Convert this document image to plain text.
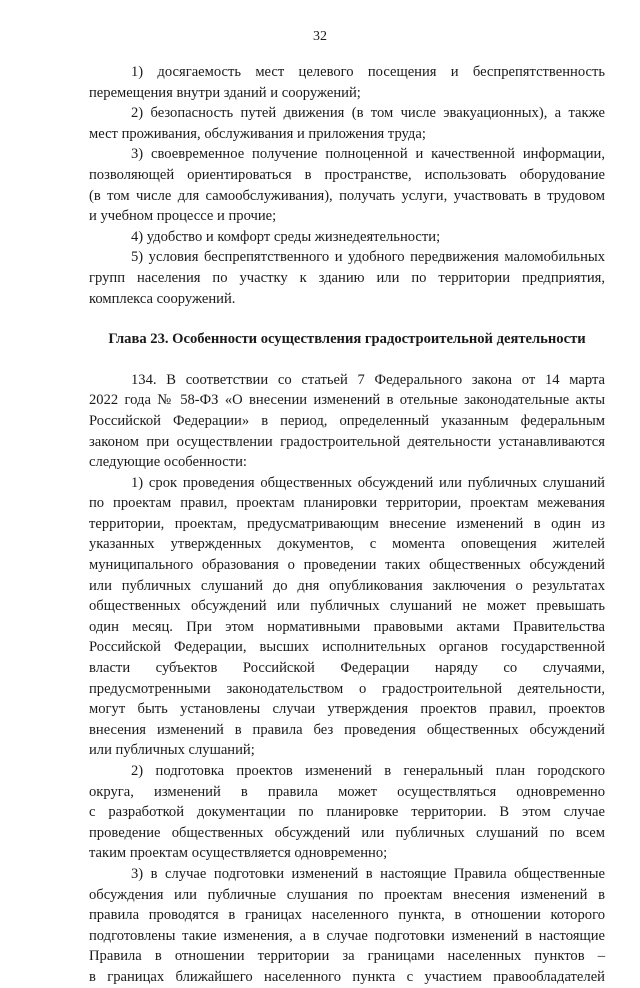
32

1) досягаемость мест целевого посещения и беспрепятственность
перемещения внутри зданий и сооружений;

2) безопасность путей движения (в том числе эвакуационных), а также
мест проживания, обслуживания и приложения труда;

3) своевременное получение полноценной и качественной информации,
позволяющей ориентироваться в пространстве, использовать оборудование
(в том числе для самообслуживания), получать услуги, участвовать в трудовом
и учебном процессе и прочие;

4) удобство и комфорт среды жизнедеятельности;

5) условия беспрепятственного и удобного передвижения маломобильных
групп населения по участку к зданию или по территории предприятия,
комплекса сооружений.

Глава 23. Особенности осуществления градостроительной деятельности

134. В соответствии со статьей 7 Федерального закона от 14 марта
2022 года № 58-ФЗ «О внесении изменений в отельные законодательные акты
Российской Федерации» в период, определенный указанным федеральным
законом при осуществлении градостроительной деятельности устанавливаются
следующие особенности:

1) срок проведения общественных обсуждений или публичных слушаний
по проектам правил, проектам планировки территории, проектам межевания
территории, проектам, предусматривающим внесение изменений в один из
указанных утвержденных документов, с момента оповещения жителей
муниципального образования о проведении таких общественных обсуждений
или публичных слушаний до дня опубликования заключения о результатах
общественных обсуждений или публичных слушаний не может превышать
один месяц. При этом нормативными правовыми актами Правительства
Российской Федерации, высших исполнительных органов государственной
власти субъектов Российской Федерации наряду со случаями,
предусмотренными законодательством о градостроительной деятельности,
могут быть установлены случаи утверждения проектов правил, проектов
внесения изменений в правила без проведения общественных обсуждений
или публичных слушаний;

2) подготовка проектов изменений в генеральный план городского
округа, изменений в правила может осуществляться одновременно
с разработкой документации по планировке территории. В этом случае
проведение общественных обсуждений или публичных слушаний по всем
таким проектам осуществляется одновременно;

3) в случае подготовки изменений в настоящие Правила общественные
обсуждения или публичные слушания по проектам внесения изменений в
правила проводятся в границах населенного пункта, в отношении которого
подготовлены такие изменения, а в случае подготовки изменений в настоящие
Правила в отношении территории за границами населенных пунктов –
в границах ближайшего населенного пункта с участием правообладателей
